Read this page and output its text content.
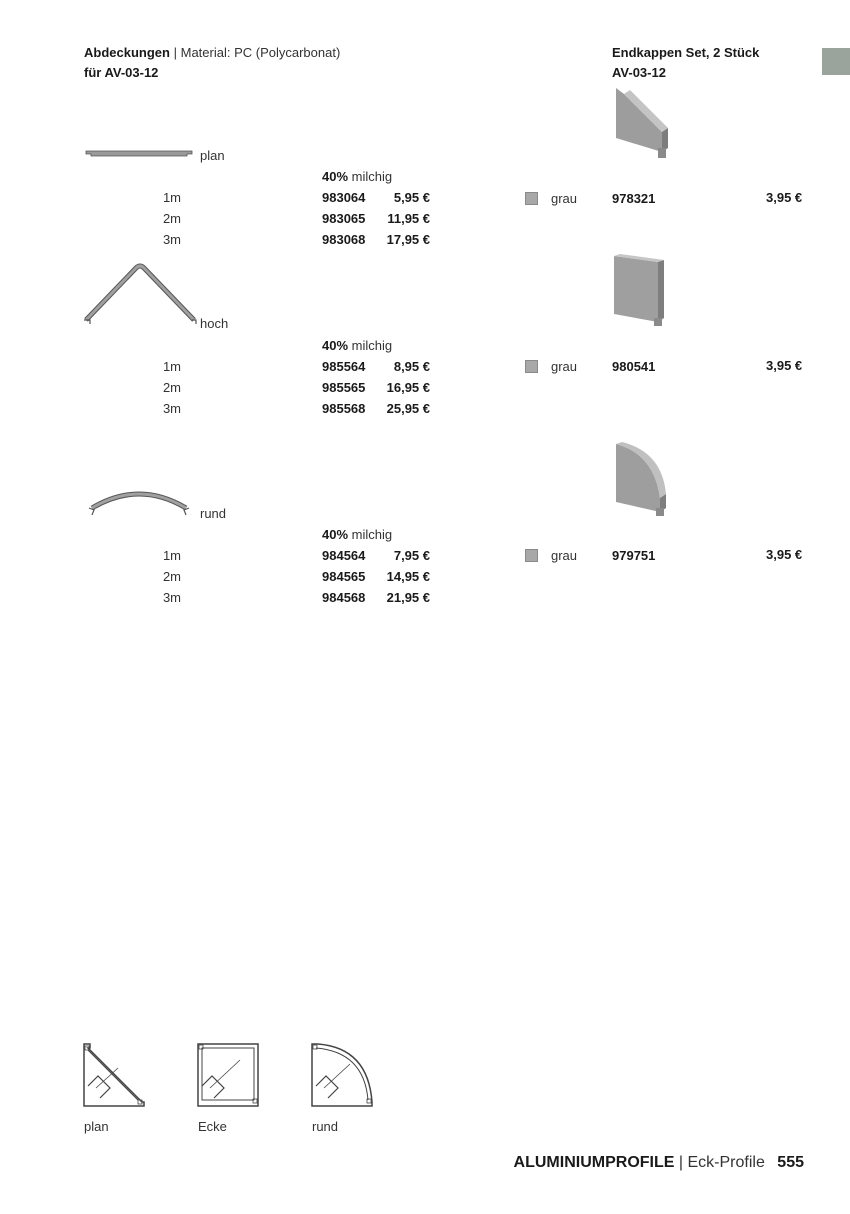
Abdeckungen | Material: PC (Polycarbonat)
für AV-03-12
Endkappen Set, 2 Stück
AV-03-12
plan
40% milchig
1m	983064	5,95 €
2m	983065	11,95 €
3m	983068	17,95 €
hoch
40% milchig
1m	985564	8,95 €
2m	985565	16,95 €
3m	985568	25,95 €
rund
40% milchig
1m	984564	7,95 €
2m	984565	14,95 €
3m	984568	21,95 €
grau	978321	3,95 €
grau	980541	3,95 €
grau	979751	3,95 €
plan	Ecke	rund
ALUMINIUMPROFILE | Eck-Profile 555
